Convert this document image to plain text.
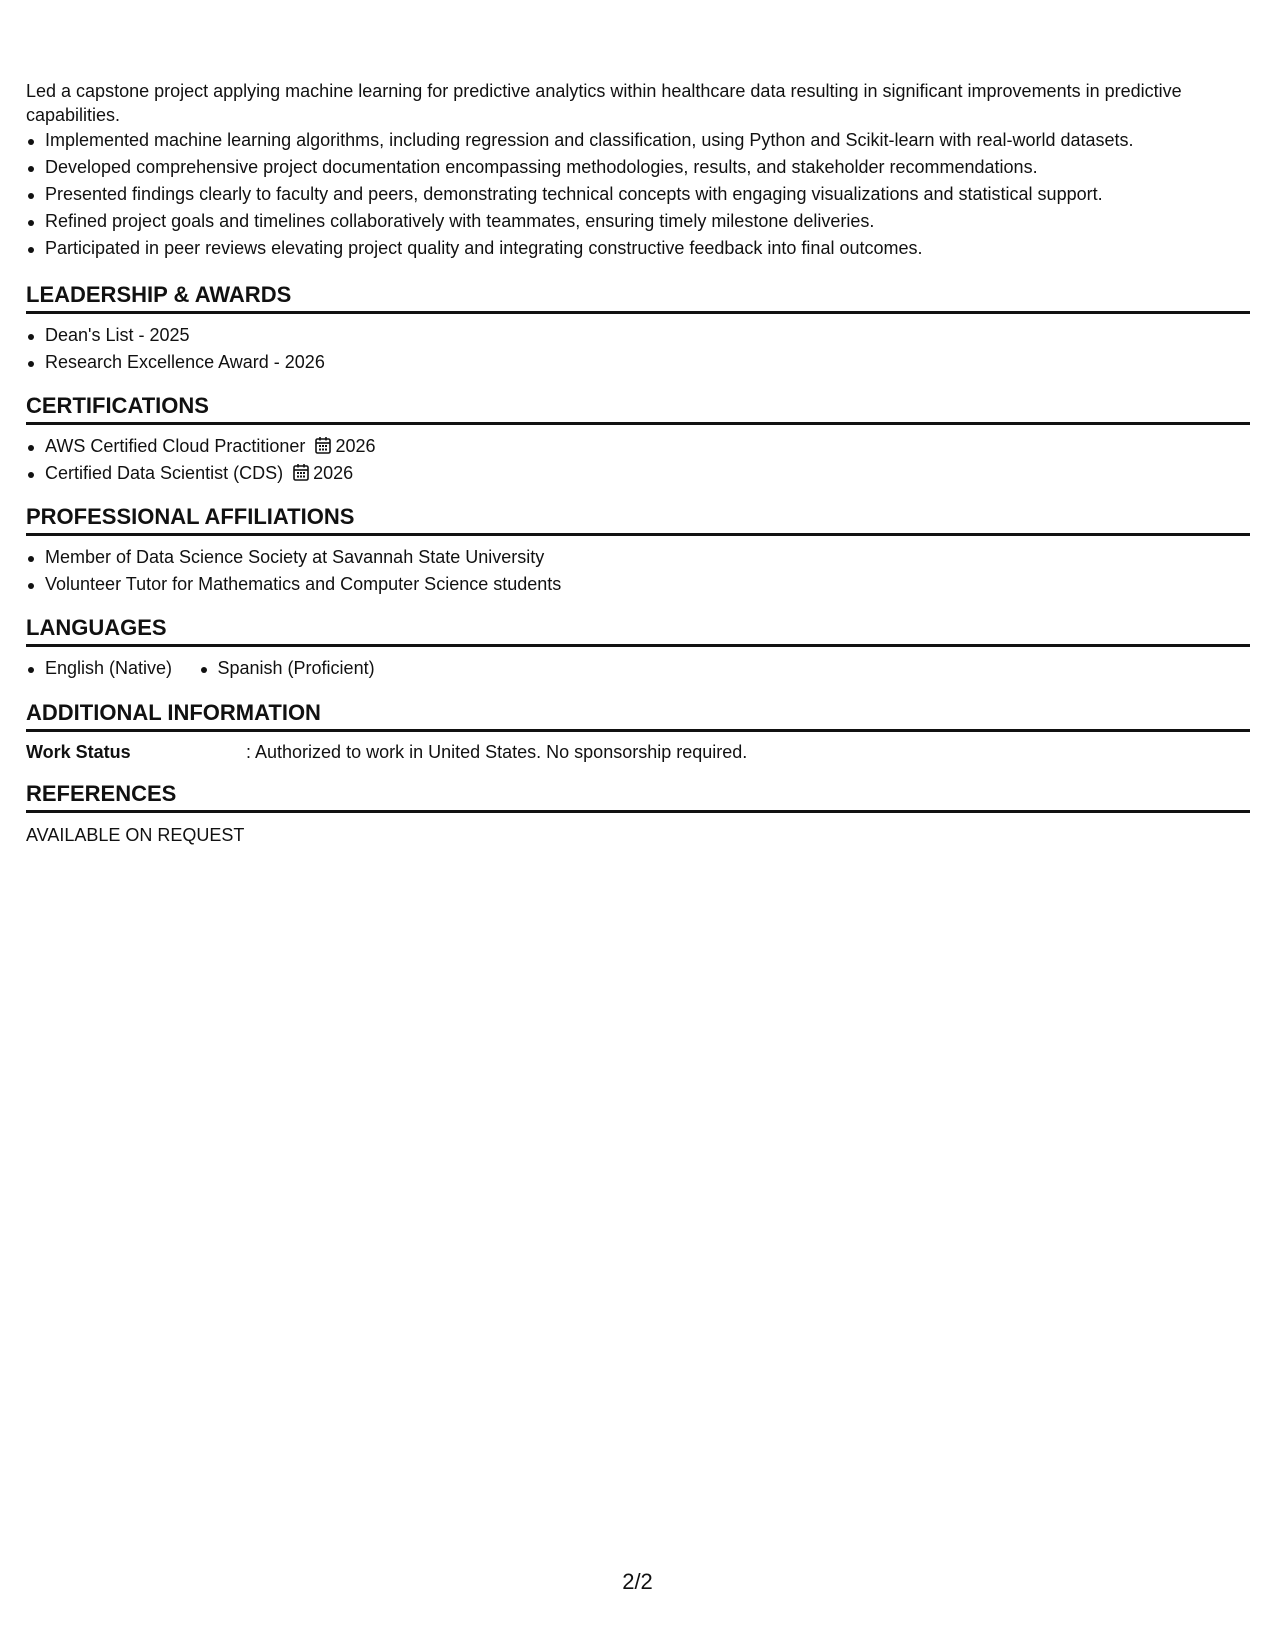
Led a capstone project applying machine learning for predictive analytics within healthcare data resulting in significant improvements in predictive capabilities.

Implemented machine learning algorithms, including regression and classification, using Python and Scikit-learn with real-world datasets.
Developed comprehensive project documentation encompassing methodologies, results, and stakeholder recommendations.
Presented findings clearly to faculty and peers, demonstrating technical concepts with engaging visualizations and statistical support.
Refined project goals and timelines collaboratively with teammates, ensuring timely milestone deliveries.
Participated in peer reviews elevating project quality and integrating constructive feedback into final outcomes.
LEADERSHIP & AWARDS
Dean's List - 2025
Research Excellence Award - 2026
CERTIFICATIONS
AWS Certified Cloud Practitioner 2026
Certified Data Scientist (CDS) 2026
PROFESSIONAL AFFILIATIONS
Member of Data Science Society at Savannah State University
Volunteer Tutor for Mathematics and Computer Science students
LANGUAGES
English (Native)	Spanish (Proficient)
ADDITIONAL INFORMATION
Work Status	: Authorized to work in United States. No sponsorship required.
REFERENCES
AVAILABLE ON REQUEST
2/2
